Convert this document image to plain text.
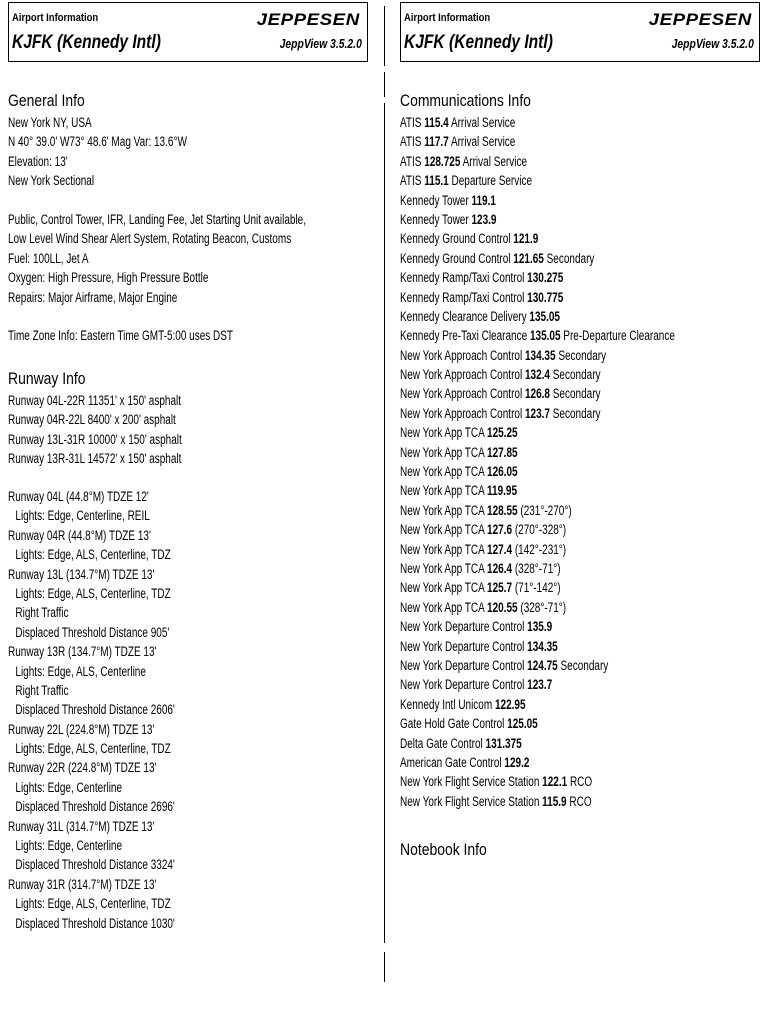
Airport Information	JEPPESEN
KJFK (Kennedy Intl)	JeppView 3.5.2.0
General Info
New York NY, USA
N 40° 39.0' W73° 48.6' Mag Var: 13.6°W
Elevation: 13'
New York Sectional
Public, Control Tower, IFR, Landing Fee, Jet Starting Unit available,
Low Level Wind Shear Alert System, Rotating Beacon, Customs
Fuel: 100LL, Jet A
Oxygen: High Pressure, High Pressure Bottle
Repairs: Major Airframe, Major Engine
Time Zone Info: Eastern Time GMT-5:00 uses DST
Runway Info
Runway 04L-22R 11351' x 150' asphalt
Runway 04R-22L 8400' x 200' asphalt
Runway 13L-31R 10000' x 150' asphalt
Runway 13R-31L 14572' x 150' asphalt
Runway 04L (44.8°M) TDZE 12'
Lights: Edge, Centerline, REIL
Runway 04R (44.8°M) TDZE 13'
Lights: Edge, ALS, Centerline, TDZ
Runway 13L (134.7°M) TDZE 13'
Lights: Edge, ALS, Centerline, TDZ
Right Traffic
Displaced Threshold Distance 905'
Runway 13R (134.7°M) TDZE 13'
Lights: Edge, ALS, Centerline
Right Traffic
Displaced Threshold Distance 2606'
Runway 22L (224.8°M) TDZE 13'
Lights: Edge, ALS, Centerline, TDZ
Runway 22R (224.8°M) TDZE 13'
Lights: Edge, Centerline
Displaced Threshold Distance 2696'
Runway 31L (314.7°M) TDZE 13'
Lights: Edge, Centerline
Displaced Threshold Distance 3324'
Runway 31R (314.7°M) TDZE 13'
Lights: Edge, ALS, Centerline, TDZ
Displaced Threshold Distance 1030'
Airport Information	JEPPESEN
KJFK (Kennedy Intl)	JeppView 3.5.2.0
Communications Info
ATIS 115.4 Arrival Service
ATIS 117.7 Arrival Service
ATIS 128.725 Arrival Service
ATIS 115.1 Departure Service
Kennedy Tower 119.1
Kennedy Tower 123.9
Kennedy Ground Control 121.9
Kennedy Ground Control 121.65 Secondary
Kennedy Ramp/Taxi Control 130.275
Kennedy Ramp/Taxi Control 130.775
Kennedy Clearance Delivery 135.05
Kennedy Pre-Taxi Clearance 135.05 Pre-Departure Clearance
New York Approach Control 134.35 Secondary
New York Approach Control 132.4 Secondary
New York Approach Control 126.8 Secondary
New York Approach Control 123.7 Secondary
New York App TCA 125.25
New York App TCA 127.85
New York App TCA 126.05
New York App TCA 119.95
New York App TCA 128.55 (231°-270°)
New York App TCA 127.6 (270°-328°)
New York App TCA 127.4 (142°-231°)
New York App TCA 126.4 (328°-71°)
New York App TCA 125.7 (71°-142°)
New York App TCA 120.55 (328°-71°)
New York Departure Control 135.9
New York Departure Control 134.35
New York Departure Control 124.75 Secondary
New York Departure Control 123.7
Kennedy Intl Unicom 122.95
Gate Hold Gate Control 125.05
Delta Gate Control 131.375
American Gate Control 129.2
New York Flight Service Station 122.1 RCO
New York Flight Service Station 115.9 RCO
Notebook Info
